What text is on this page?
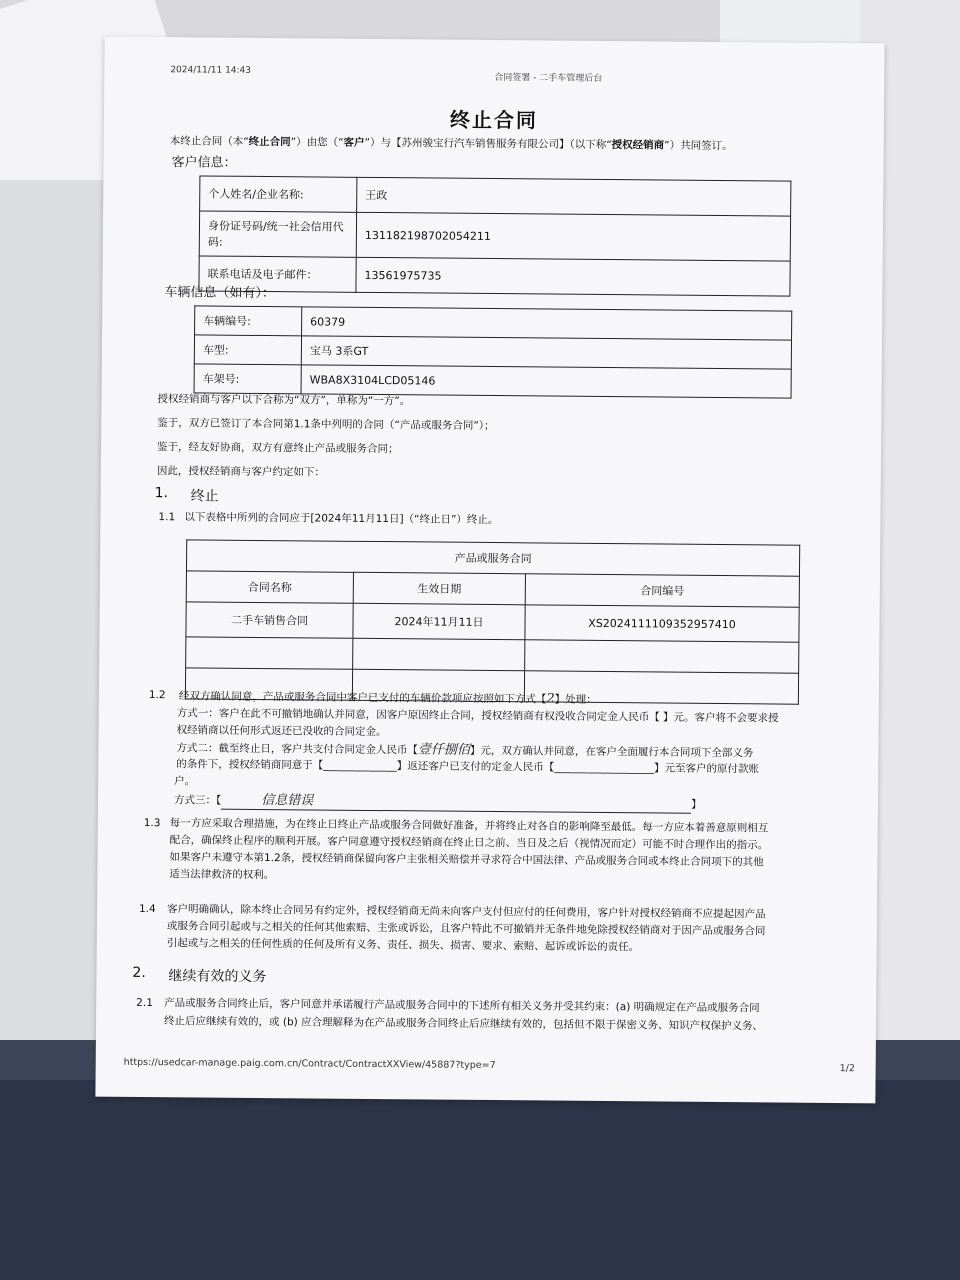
2024/11/11 14:43
合同签署 - 二手车管理后台
终止合同
本终止合同（本“终止合同”）由您（“客户”）与【苏州骏宝行汽车销售服务有限公司】（以下称“授权经销商”）共同签订。
客户信息：
个人姓名/企业名称:	王政
身份证号码/统一社会信用代码:	131182198702054211
联系电话及电子邮件：	13561975735
车辆信息（如有）：
车辆编号:	60379
车型:	宝马 3系GT
车架号:	WBA8X3104LCD05146
授权经销商与客户以下合称为“双方”，单称为“一方”。
鉴于，双方已签订了本合同第1.1条中列明的合同（“产品或服务合同”）；
鉴于，经友好协商，双方有意终止产品或服务合同；
因此，授权经销商与客户约定如下：
1. 终止
1.1 以下表格中所列的合同应于[2024年11月11日]（“终止日”）终止。
产品或服务合同		
合同名称	生效日期	合同编号
二手车销售合同	2024年11月11日	XS2024111109352957410

1.2 经双方确认同意，产品或服务合同中客户已支付的车辆价款项应按照如下方式【2】处理：
方式一：客户在此不可撤销地确认并同意，因客户原因终止合同，授权经销商有权没收合同定金人民币【 】元。客户将不会要求授
权经销商以任何形式返还已没收的合同定金。
方式二：截至终止日，客户共支付合同定金人民币【壹仟捌佰】元，双方确认并同意，在客户全面履行本合同项下全部义务
的条件下，授权经销商同意于【______________】返还客户已支付的定金人民币【___________________】元至客户的原付款账
户。
方式三：【	信息错误	】
1.3 每一方应采取合理措施，为在终止日终止产品或服务合同做好准备，并将终止对各自的影响降至最低。每一方应本着善意原则相互
配合，确保终止程序的顺利开展。客户同意遵守授权经销商在终止日之前、当日及之后（视情况而定）可能不时合理作出的指示。
如果客户未遵守本第1.2条，授权经销商保留向客户主张相关赔偿并寻求符合中国法律、产品或服务合同或本终止合同项下的其他
适当法律救济的权利。
1.4 客户明确确认，除本终止合同另有约定外，授权经销商无尚未向客户支付但应付的任何费用，客户针对授权经销商不应提起因产品
或服务合同引起或与之相关的任何其他索赔、主张或诉讼，且客户特此不可撤销并无条件地免除授权经销商对于因产品或服务合同
引起或与之相关的任何性质的任何及所有义务、责任、损失、损害、要求、索赔、起诉或诉讼的责任。
2. 继续有效的义务
2.1 产品或服务合同终止后，客户同意并承诺履行产品或服务合同中的下述所有相关义务并受其约束：(a) 明确规定在产品或服务合同
终止后应继续有效的，或 (b) 应合理解释为在产品或服务合同终止后应继续有效的，包括但不限于保密义务、知识产权保护义务、
https://usedcar-manage.paig.com.cn/Contract/ContractXXView/45887?type=7	1/2
